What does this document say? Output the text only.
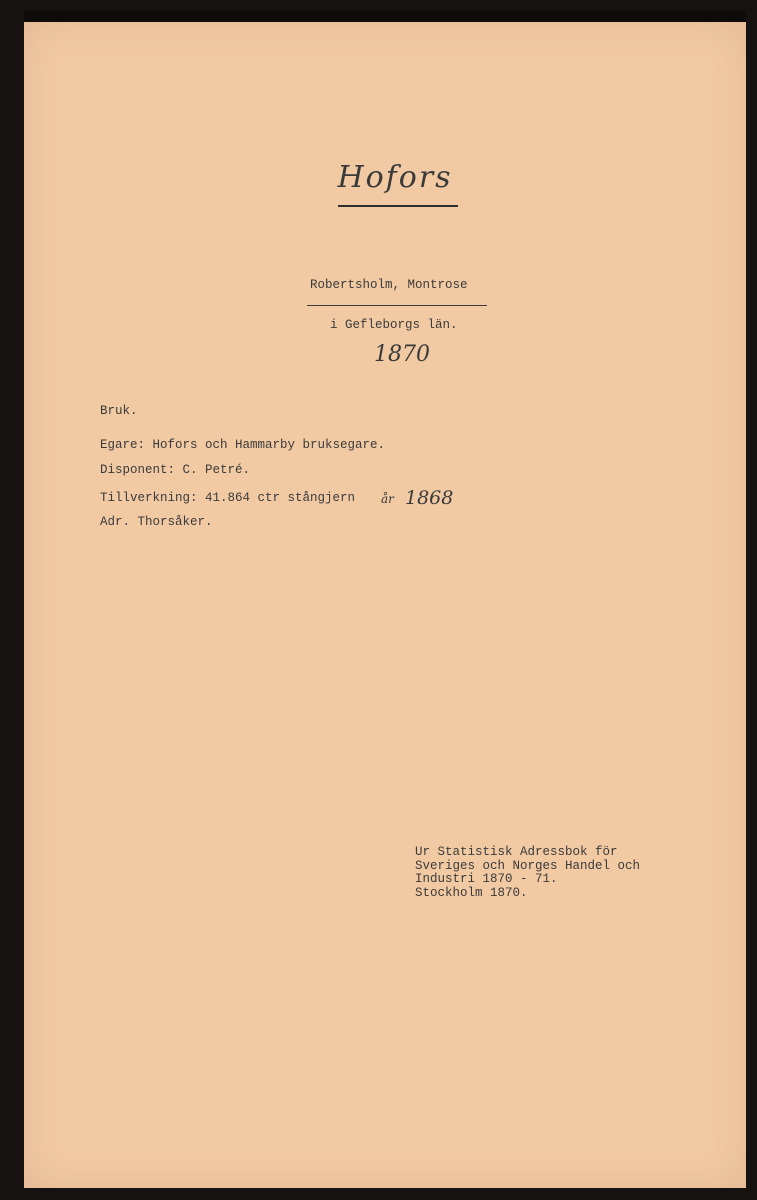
Hofors
Robertsholm, Montrose
i Gefleborgs län.
1870
Bruk.
Egare: Hofors och Hammarby bruksegare.
Disponent: C. Petré.
Tillverkning: 41.864 ctr stångjern år 1868
Adr. Thorsåker.
Ur Statistisk Adressbok för
Sveriges och Norges Handel och
Industri 1870 - 71.
Stockholm 1870.
